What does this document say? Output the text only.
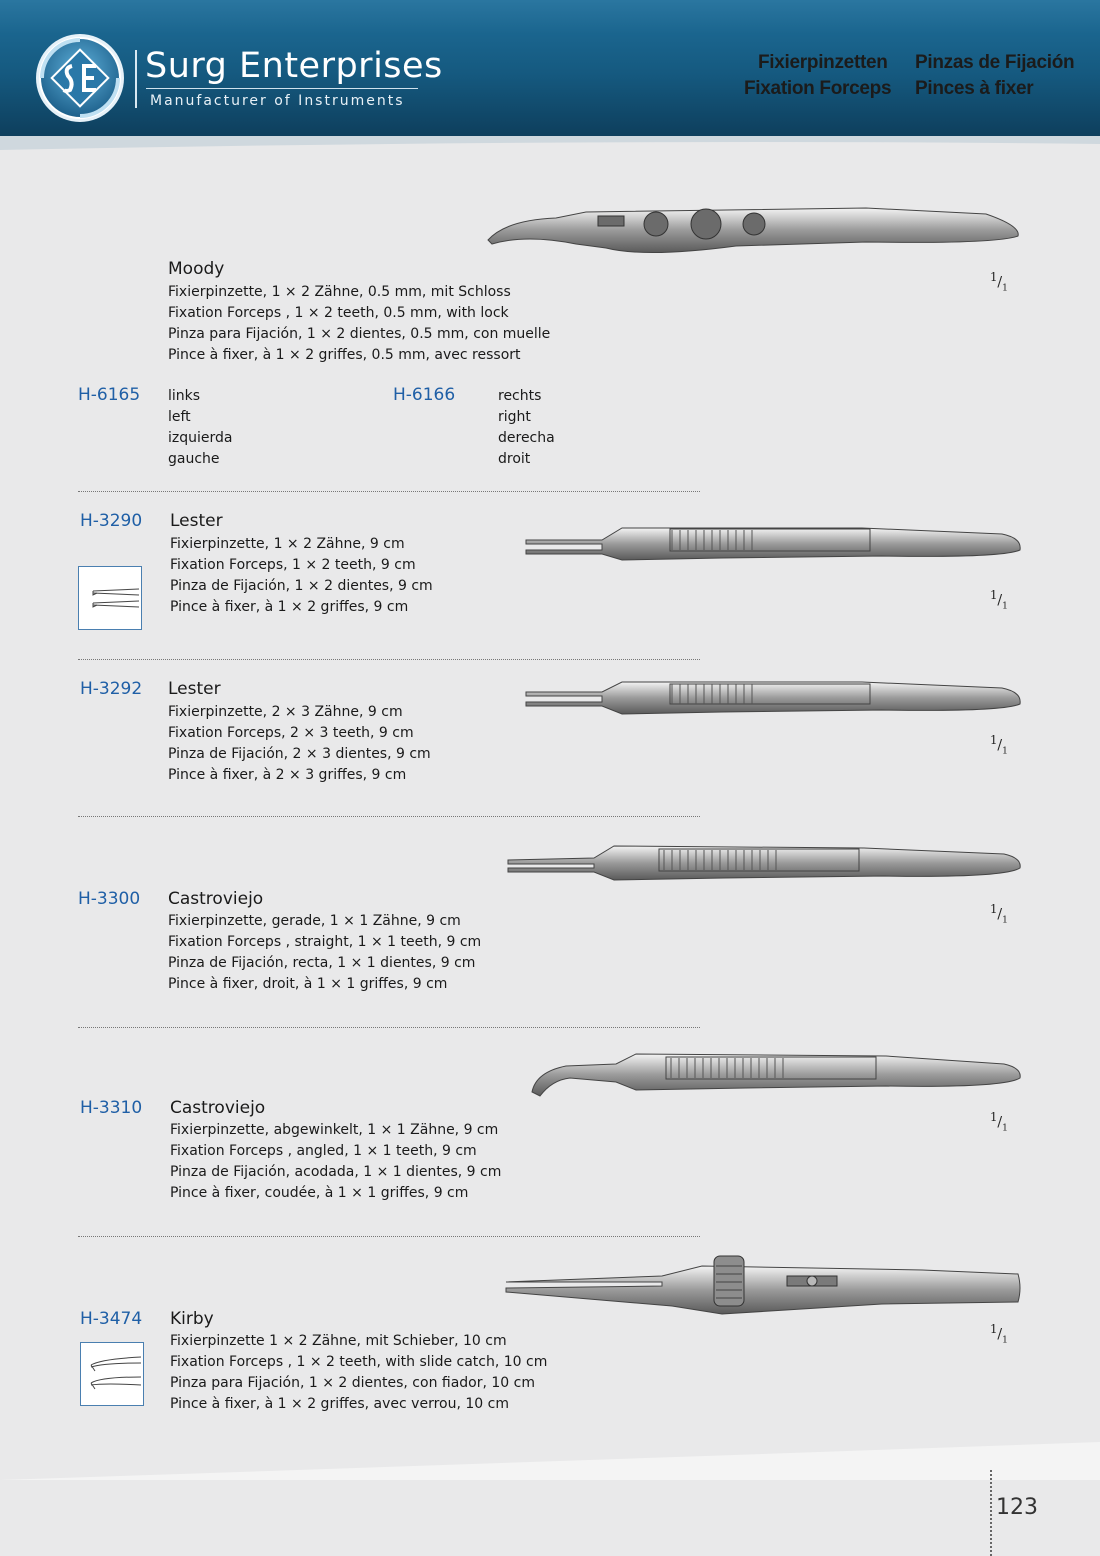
Surg Enterprises
Manufacturer of Instruments
Fixierpinzetten Pinzas de Fijación
Fixation Forceps Pinces à fixer
Moody
Fixierpinzette, 1 × 2 Zähne, 0.5 mm, mit Schloss
Fixation Forceps , 1 × 2 teeth, 0.5 mm, with lock
Pinza para Fijación, 1 × 2 dientes, 0.5 mm, con muelle
Pince à fixer, à 1 × 2 griffes, 0.5 mm, avec ressort
H-6165 links
left
izquierda
gauche
H-6166	rechts
right
derecha
droit
$^1/_1$
H-3290 Lester
Fixierpinzette, 1 × 2 Zähne, 9 cm
Fixation Forceps, 1 × 2 teeth, 9 cm
Pinza de Fijación, 1 × 2 dientes, 9 cm
Pince à fixer, à 1 × 2 griffes, 9 cm
$^1/_1$
H-3292 Lester
Fixierpinzette, 2 × 3 Zähne, 9 cm
Fixation Forceps, 2 × 3 teeth, 9 cm
Pinza de Fijación, 2 × 3 dientes, 9 cm
Pince à fixer, à 2 × 3 griffes, 9 cm
$^1/_1$
H-3300 Castroviejo
Fixierpinzette, gerade, 1 × 1 Zähne, 9 cm
Fixation Forceps , straight, 1 × 1 teeth, 9 cm
Pinza de Fijación, recta, 1 × 1 dientes, 9 cm
Pince à fixer, droit, à 1 × 1 griffes, 9 cm
$^1/_1$
H-3310 Castroviejo
Fixierpinzette, abgewinkelt, 1 × 1 Zähne, 9 cm
Fixation Forceps , angled, 1 × 1 teeth, 9 cm
Pinza de Fijación, acodada, 1 × 1 dientes, 9 cm
Pince à fixer, coudée, à 1 × 1 griffes, 9 cm
$^1/_1$
H-3474 Kirby
Fixierpinzette 1 × 2 Zähne, mit Schieber, 10 cm
Fixation Forceps , 1 × 2 teeth, with slide catch, 10 cm
Pinza para Fijación, 1 × 2 dientes, con fiador, 10 cm
Pince à fixer, à 1 × 2 griffes, avec verrou, 10 cm
$^1/_1$
123
